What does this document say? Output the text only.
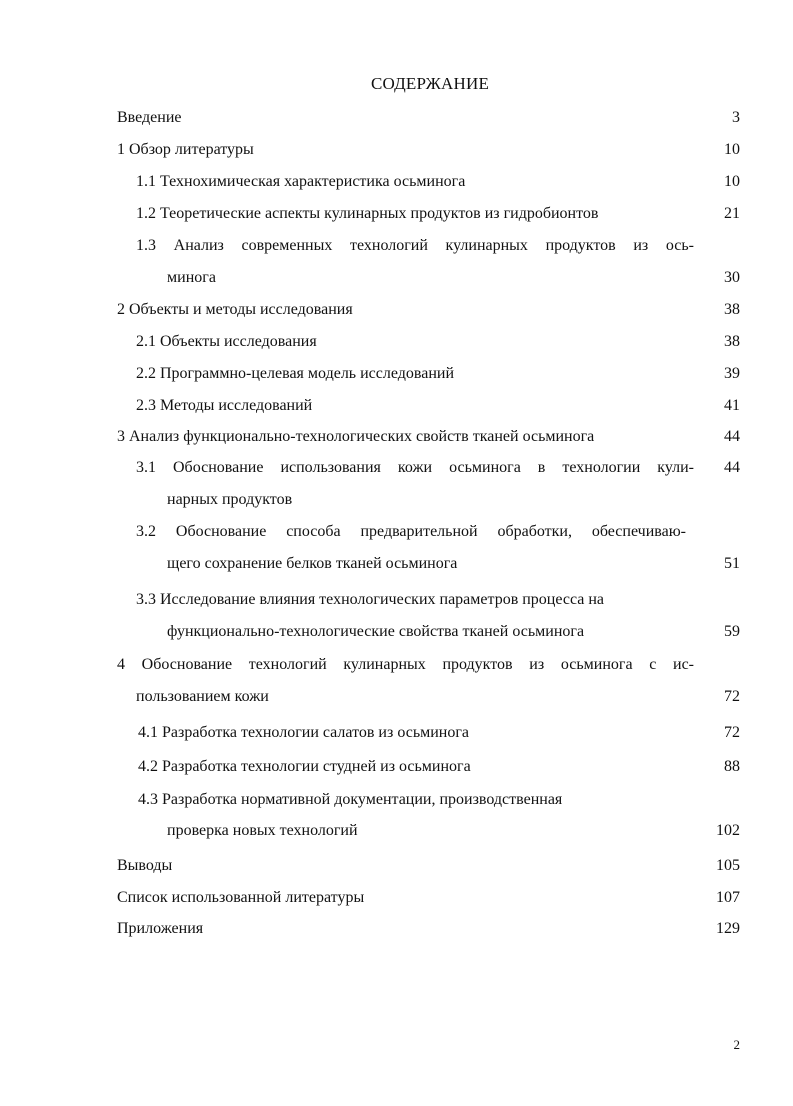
СОДЕРЖАНИЕ
Введение	3
1 Обзор литературы	10
1.1 Технохимическая характеристика осьминога	10
1.2 Теоретические аспекты кулинарных продуктов из гидробионтов	21
1.3 Анализ современных технологий кулинарных продуктов из ось-
минога	30
2 Объекты и методы исследования	38
2.1 Объекты исследования	38
2.2 Программно-целевая модель исследований	39
2.3 Методы исследований	41
3 Анализ функционально-технологических свойств тканей осьминога	44
3.1 Обоснование использования кожи осьминога в технологии кули- 44
нарных продуктов
3.2 Обоснование способа предварительной обработки, обеспечиваю-
щего сохранение белков тканей осьминога	51
3.3 Исследование влияния технологических параметров процесса на
функционально-технологические свойства тканей осьминога	59
4 Обоснование технологий кулинарных продуктов из осьминога с ис-
пользованием кожи	72
4.1 Разработка технологии салатов из осьминога	72
4.2 Разработка технологии студней из осьминога	88
4.3 Разработка нормативной документации, производственная
проверка новых технологий	102
Выводы	105
Список использованной литературы	107
Приложения	129
2
